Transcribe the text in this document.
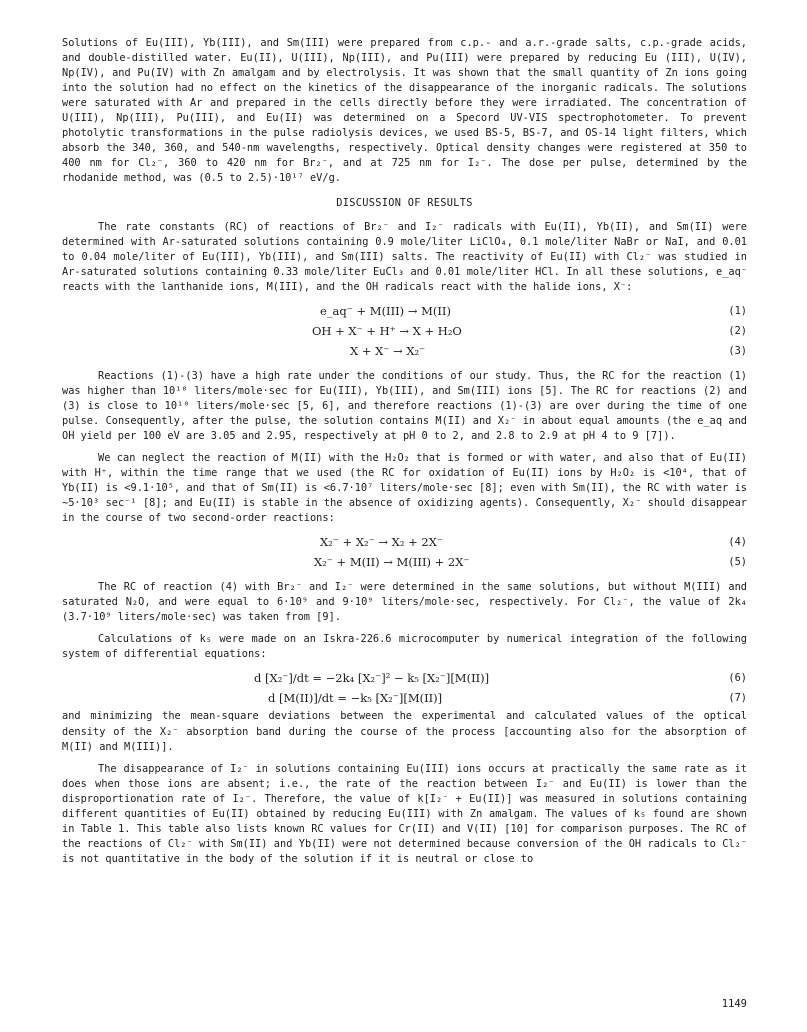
Solutions of Eu(III), Yb(III), and Sm(III) were prepared from c.p.- and a.r.-grade salts, c.p.-grade acids, and double-distilled water. Eu(II), U(III), Np(III), and Pu(III) were prepared by reducing Eu (III), U(IV), Np(IV), and Pu(IV) with Zn amalgam and by electrolysis. It was shown that the small quantity of Zn ions going into the solution had no effect on the kinetics of the disappearance of the inorganic radicals. The solutions were saturated with Ar and prepared in the cells directly before they were irradiated. The concentration of U(III), Np(III), Pu(III), and Eu(II) was determined on a Specord UV-VIS spectrophotometer. To prevent photolytic transformations in the pulse radiolysis devices, we used BS-5, BS-7, and OS-14 light filters, which absorb the 340, 360, and 540-nm wavelengths, respectively. Optical density changes were registered at 350 to 400 nm for Cl₂⁻, 360 to 420 nm for Br₂⁻, and at 725 nm for I₂⁻. The dose per pulse, determined by the rhodanide method, was (0.5 to 2.5)·10¹⁷ eV/g.

DISCUSSION OF RESULTS

The rate constants (RC) of reactions of Br₂⁻ and I₂⁻ radicals with Eu(II), Yb(II), and Sm(II) were determined with Ar-saturated solutions containing 0.9 mole/liter LiClO₄, 0.1 mole/liter NaBr or NaI, and 0.01 to 0.04 mole/liter of Eu(III), Yb(III), and Sm(III) salts. The reactivity of Eu(II) with Cl₂⁻ was studied in Ar-saturated solutions containing 0.33 mole/liter EuCl₃ and 0.01 mole/liter HCl. In all these solutions, e_aq⁻ reacts with the lanthanide ions, M(III), and the OH radicals react with the halide ions, X⁻:

e_aq⁻ + M(III) → M(II)	(1)
OH + X⁻ + H⁺ → X + H₂O	(2)
X + X⁻ → X₂⁻	(3)

Reactions (1)-(3) have a high rate under the conditions of our study. Thus, the RC for the reaction (1) was higher than 10¹⁰ liters/mole·sec for Eu(III), Yb(III), and Sm(III) ions [5]. The RC for reactions (2) and (3) is close to 10¹⁰ liters/mole·sec [5, 6], and therefore reactions (1)-(3) are over during the time of one pulse. Consequently, after the pulse, the solution contains M(II) and X₂⁻ in about equal amounts (the e_aq and OH yield per 100 eV are 3.05 and 2.95, respectively at pH 0 to 2, and 2.8 to 2.9 at pH 4 to 9 [7]).

We can neglect the reaction of M(II) with the H₂O₂ that is formed or with water, and also that of Eu(II) with H⁺, within the time range that we used (the RC for oxidation of Eu(II) ions by H₂O₂ is <10⁴, that of Yb(II) is <9.1·10⁵, and that of Sm(II) is <6.7·10⁷ liters/mole·sec [8]; even with Sm(II), the RC with water is ~5·10³ sec⁻¹ [8]; and Eu(II) is stable in the absence of oxidizing agents). Consequently, X₂⁻ should disappear in the course of two second-order reactions:

X₂⁻ + X₂⁻ → X₂ + 2X⁻	(4)
X₂⁻ + M(II) → M(III) + 2X⁻	(5)

The RC of reaction (4) with Br₂⁻ and I₂⁻ were determined in the same solutions, but without M(III) and saturated N₂O, and were equal to 6·10⁹ and 9·10⁹ liters/mole·sec, respectively. For Cl₂⁻, the value of 2k₄ (3.7·10⁹ liters/mole·sec) was taken from [9].

Calculations of k₅ were made on an Iskra-226.6 microcomputer by numerical integration of the following system of differential equations:

d [X₂⁻]/dt = −2k₄ [X₂⁻]² − k₅ [X₂⁻][M(II)]	(6)
d [M(II)]/dt = −k₅ [X₂⁻][M(II)]	(7)

and minimizing the mean-square deviations between the experimental and calculated values of the optical density of the X₂⁻ absorption band during the course of the process [accounting also for the absorption of M(II) and M(III)].

The disappearance of I₂⁻ in solutions containing Eu(III) ions occurs at practically the same rate as it does when those ions are absent; i.e., the rate of the reaction between I₂⁻ and Eu(II) is lower than the disproportionation rate of I₂⁻. Therefore, the value of k[I₂⁻ + Eu(II)] was measured in solutions containing different quantities of Eu(II) obtained by reducing Eu(III) with Zn amalgam. The values of k₅ found are shown in Table 1. This table also lists known RC values for Cr(II) and V(II) [10] for comparison purposes. The RC of the reactions of Cl₂⁻ with Sm(II) and Yb(II) were not determined because conversion of the OH radicals to Cl₂⁻ is not quantitative in the body of the solution if it is neutral or close to

1149
